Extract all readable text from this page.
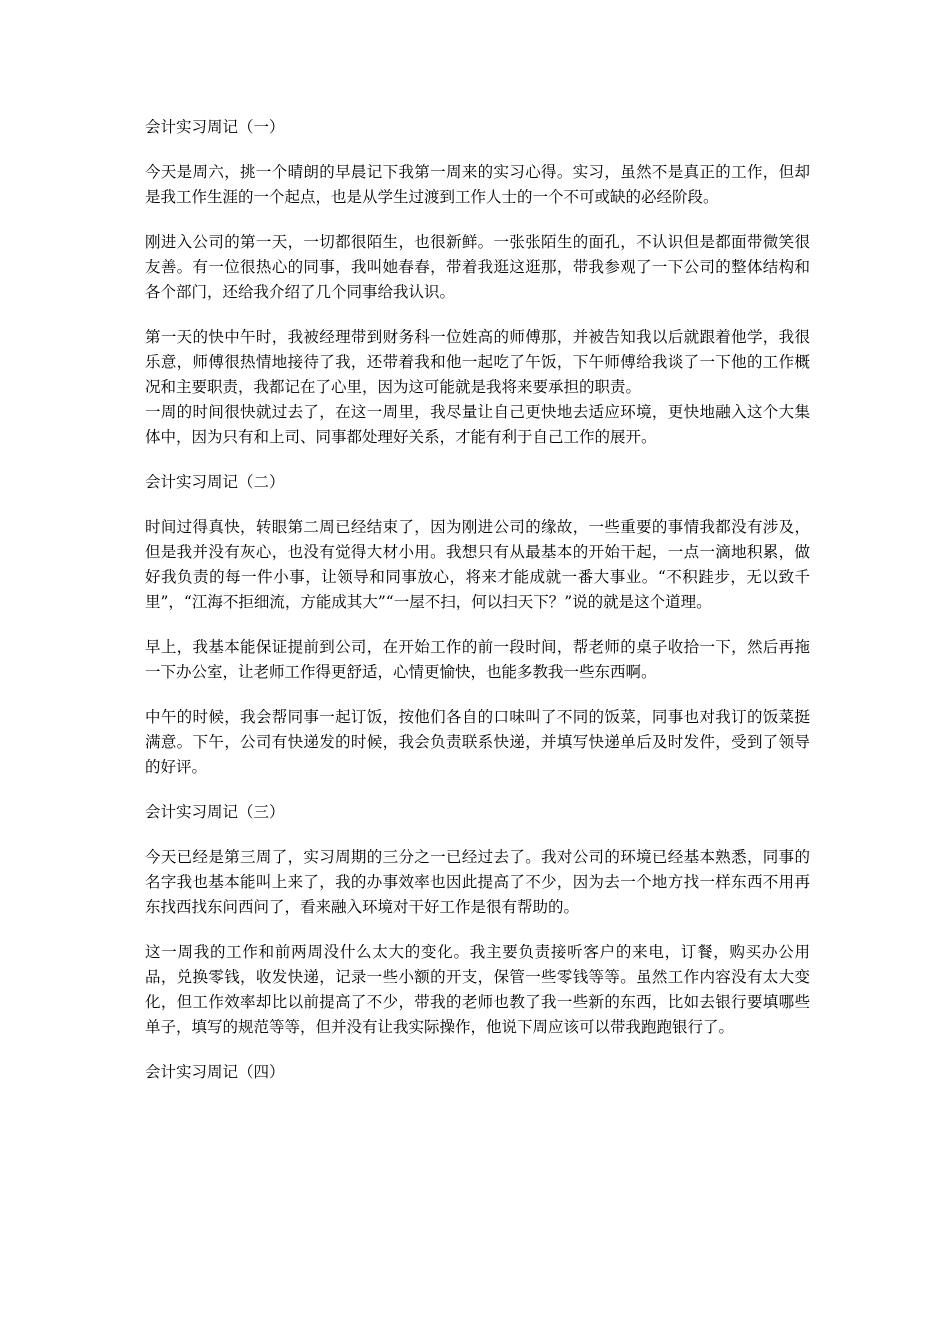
会计实习周记（一）

今天是周六，挑一个晴朗的早晨记下我第一周来的实习心得。实习，虽然不是真正的工作，但却是我工作生涯的一个起点，也是从学生过渡到工作人士的一个不可或缺的必经阶段。

刚进入公司的第一天，一切都很陌生，也很新鲜。一张张陌生的面孔，不认识但是都面带微笑很友善。有一位很热心的同事，我叫她春春，带着我逛这逛那，带我参观了一下公司的整体结构和各个部门，还给我介绍了几个同事给我认识。

第一天的快中午时，我被经理带到财务科一位姓高的师傅那，并被告知我以后就跟着他学，我很乐意，师傅很热情地接待了我，还带着我和他一起吃了午饭，下午师傅给我谈了一下他的工作概况和主要职责，我都记在了心里，因为这可能就是我将来要承担的职责。

一周的时间很快就过去了，在这一周里，我尽量让自己更快地去适应环境，更快地融入这个大集体中，因为只有和上司、同事都处理好关系，才能有利于自己工作的展开。

会计实习周记（二）

时间过得真快，转眼第二周已经结束了，因为刚进公司的缘故，一些重要的事情我都没有涉及，但是我并没有灰心，也没有觉得大材小用。我想只有从最基本的开始干起，一点一滴地积累，做好我负责的每一件小事，让领导和同事放心，将来才能成就一番大事业。“不积跬步，无以致千里”，“江海不拒细流，方能成其大”“一屋不扫，何以扫天下？”说的就是这个道理。

早上，我基本能保证提前到公司，在开始工作的前一段时间，帮老师的桌子收拾一下，然后再拖一下办公室，让老师工作得更舒适，心情更愉快，也能多教我一些东西啊。

中午的时候，我会帮同事一起订饭，按他们各自的口味叫了不同的饭菜，同事也对我订的饭菜挺满意。下午，公司有快递发的时候，我会负责联系快递，并填写快递单后及时发件，受到了领导的好评。

会计实习周记（三）

今天已经是第三周了，实习周期的三分之一已经过去了。我对公司的环境已经基本熟悉，同事的名字我也基本能叫上来了，我的办事效率也因此提高了不少，因为去一个地方找一样东西不用再东找西找东问西问了，看来融入环境对干好工作是很有帮助的。

这一周我的工作和前两周没什么太大的变化。我主要负责接听客户的来电，订餐，购买办公用品，兑换零钱，收发快递，记录一些小额的开支，保管一些零钱等等。虽然工作内容没有太大变化，但工作效率却比以前提高了不少，带我的老师也教了我一些新的东西，比如去银行要填哪些单子，填写的规范等等，但并没有让我实际操作，他说下周应该可以带我跑跑银行了。

会计实习周记（四）
